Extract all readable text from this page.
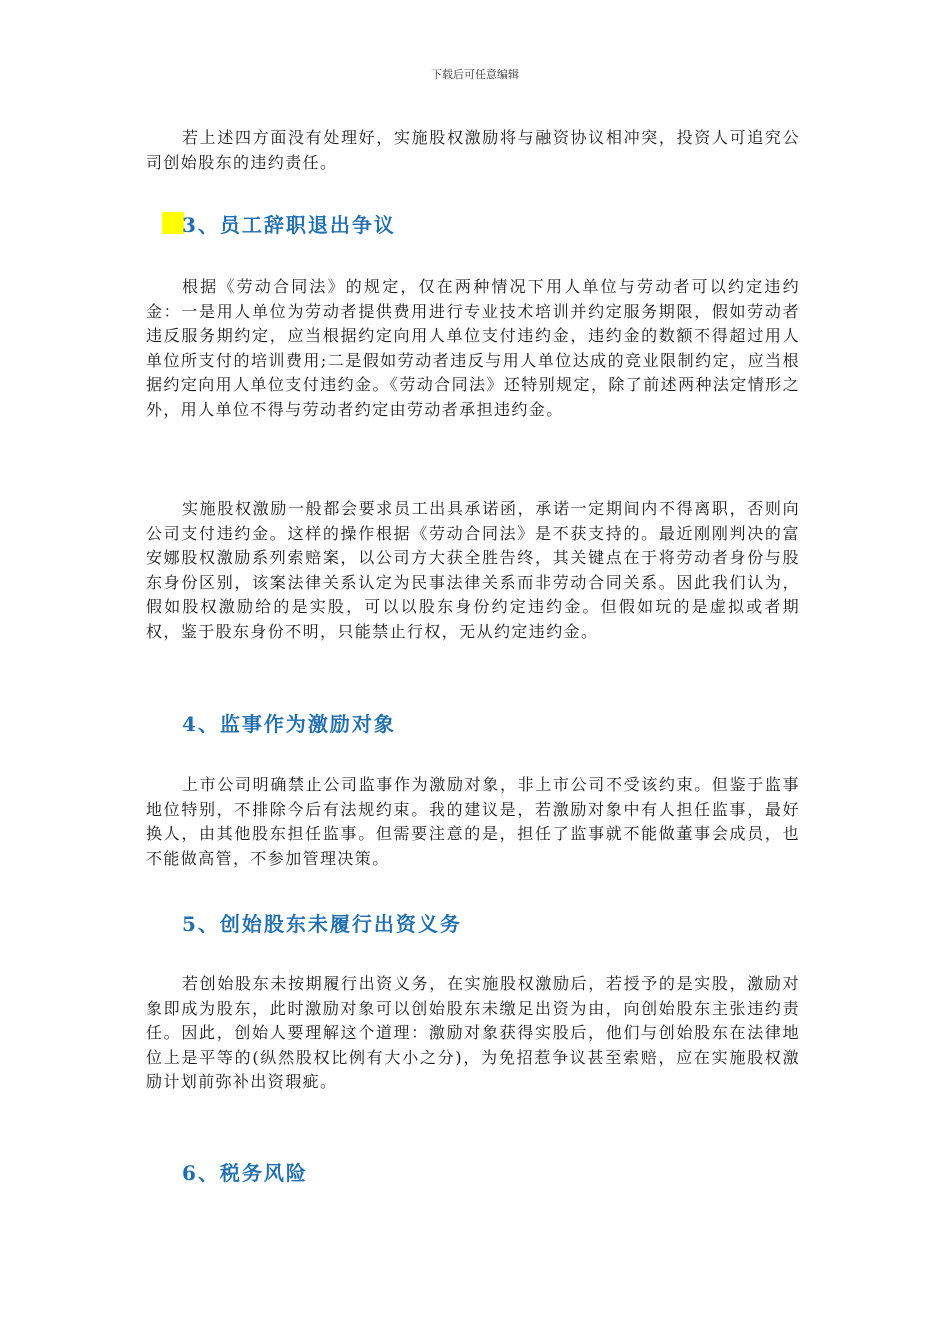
下载后可任意编辑

若上述四方面没有处理好，实施股权激励将与融资协议相冲突，投资人可追究公司创始股东的违约责任。

3、员工辞职退出争议

根据《劳动合同法》的规定，仅在两种情况下用人单位与劳动者可以约定违约金：一是用人单位为劳动者提供费用进行专业技术培训并约定服务期限，假如劳动者违反服务期约定，应当根据约定向用人单位支付违约金，违约金的数额不得超过用人单位所支付的培训费用;二是假如劳动者违反与用人单位达成的竞业限制约定，应当根据约定向用人单位支付违约金。《劳动合同法》还特别规定，除了前述两种法定情形之外，用人单位不得与劳动者约定由劳动者承担违约金。

实施股权激励一般都会要求员工出具承诺函，承诺一定期间内不得离职，否则向公司支付违约金。这样的操作根据《劳动合同法》是不获支持的。最近刚刚判决的富安娜股权激励系列索赔案，以公司方大获全胜告终，其关键点在于将劳动者身份与股东身份区别，该案法律关系认定为民事法律关系而非劳动合同关系。因此我们认为，假如股权激励给的是实股，可以以股东身份约定违约金。但假如玩的是虚拟或者期权，鉴于股东身份不明，只能禁止行权，无从约定违约金。

4、监事作为激励对象

上市公司明确禁止公司监事作为激励对象，非上市公司不受该约束。但鉴于监事地位特别，不排除今后有法规约束。我的建议是，若激励对象中有人担任监事，最好换人，由其他股东担任监事。但需要注意的是，担任了监事就不能做董事会成员，也不能做高管，不参加管理决策。

5、创始股东未履行出资义务

若创始股东未按期履行出资义务，在实施股权激励后，若授予的是实股，激励对象即成为股东，此时激励对象可以创始股东未缴足出资为由，向创始股东主张违约责任。因此，创始人要理解这个道理：激励对象获得实股后，他们与创始股东在法律地位上是平等的(纵然股权比例有大小之分)，为免招惹争议甚至索赔，应在实施股权激励计划前弥补出资瑕疵。

6、税务风险
